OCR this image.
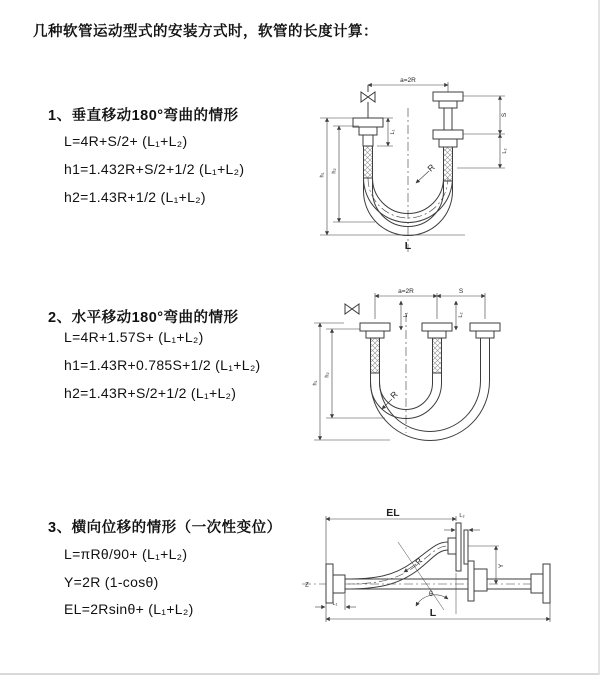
几种软管运动型式的安装方式时，软管的长度计算：
1、垂直移动180°弯曲的情形
L=4R+S/2+ (L₁+L₂)
h1=1.432R+S/2+1/2 (L₁+L₂)
h2=1.43R+1/2 (L₁+L₂)
2、水平移动180°弯曲的情形
L=4R+1.57S+ (L₁+L₂)
h1=1.43R+0.785S+1/2 (L₁+L₂)
h2=1.43R+S/2+1/2 (L₁+L₂)
3、横向位移的情形（一次性变位）
L=πRθ/90+ (L₁+L₂)
Y=2R (1-cosθ)
EL=2Rsinθ+ (L₁+L₂)
a=2R
S
L₂
L₁
h₁
h₂	R
L
a=2R	S
L₁	L₂
h₁
h₂
R
EL	L₂
Y
R
θ
L
L₁
Z
